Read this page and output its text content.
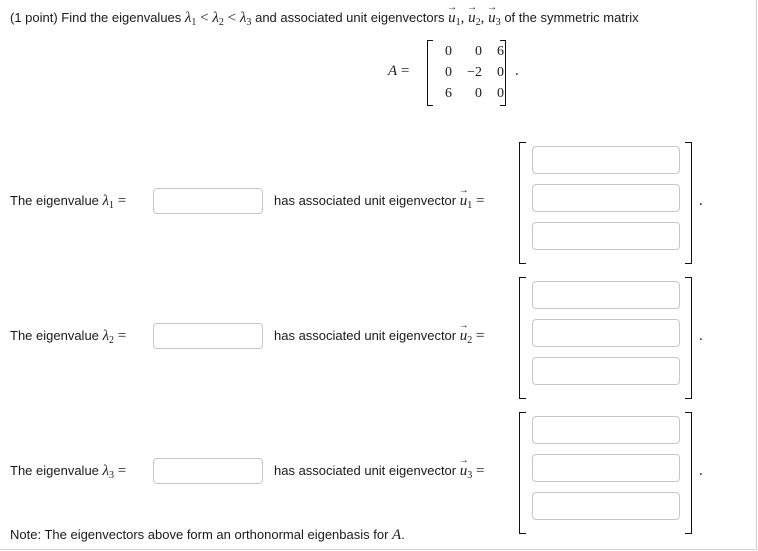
(1 point) Find the eigenvalues $\lambda_1 < \lambda_2 < \lambda_3$ and associated unit eigenvectors → $u_1$, → $u_2$, → $u_3$ of the symmetric matrix
A =
0	0	6
0	−2	0
6	0	0
.
The eigenvalue $\lambda_1$ =	has associated unit eigenvector → $u_1$ =	.
The eigenvalue $\lambda_2$ =	has associated unit eigenvector → $u_2$ =	.
The eigenvalue $\lambda_3$ =	has associated unit eigenvector → $u_3$ =	.
Note: The eigenvectors above form an orthonormal eigenbasis for A.
